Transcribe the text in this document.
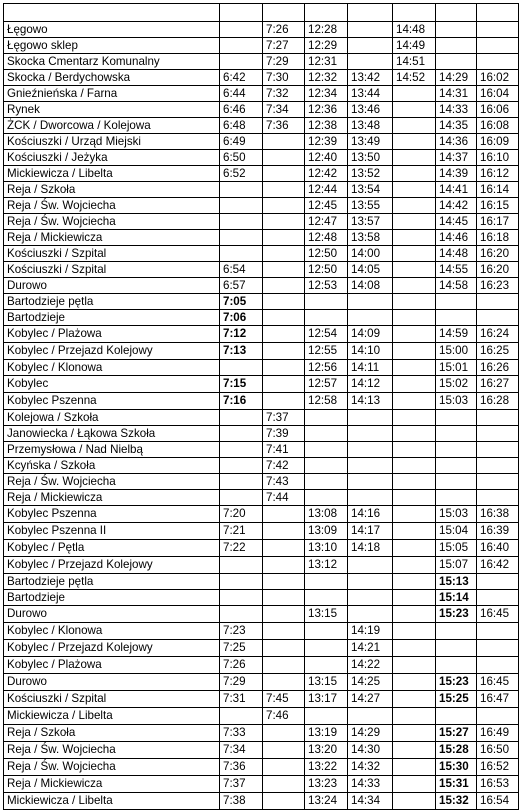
Łęgowo		7:26	12:28		14:48		
Łęgowo sklep		7:27	12:29		14:49		
Skocka Cmentarz Komunalny		7:29	12:31		14:51		
Skocka / Berdychowska	6:42	7:30	12:32	13:42	14:52	14:29	16:02
Gnieźnieńska / Farna	6:44	7:32	12:34	13:44		14:31	16:04
Rynek	6:46	7:34	12:36	13:46		14:33	16:06
ŻCK / Dworcowa / Kolejowa	6:48	7:36	12:38	13:48		14:35	16:08
Kościuszki / Urząd Miejski	6:49		12:39	13:49		14:36	16:09
Kościuszki / Jeżyka	6:50		12:40	13:50		14:37	16:10
Mickiewicza / Libelta	6:52		12:42	13:52		14:39	16:12
Reja / Szkoła			12:44	13:54		14:41	16:14
Reja / Św. Wojciecha			12:45	13:55		14:42	16:15
Reja / Św. Wojciecha			12:47	13:57		14:45	16:17
Reja / Mickiewicza			12:48	13:58		14:46	16:18
Kościuszki / Szpital			12:50	14:00		14:48	16:20
Kościuszki / Szpital	6:54		12:50	14:05		14:55	16:20
Durowo	6:57		12:53	14:08		14:58	16:23
Bartodzieje pętla	7:05						
Bartodzieje	7:06						
Kobylec / Plażowa	7:12		12:54	14:09		14:59	16:24
Kobylec / Przejazd Kolejowy	7:13		12:55	14:10		15:00	16:25
Kobylec / Klonowa			12:56	14:11		15:01	16:26
Kobylec	7:15		12:57	14:12		15:02	16:27
Kobylec Pszenna	7:16		12:58	14:13		15:03	16:28
Kolejowa / Szkoła		7:37					
Janowiecka / Łąkowa Szkoła		7:39					
Przemysłowa / Nad Nielbą		7:41					
Kcyńska / Szkoła		7:42					
Reja / Św. Wojciecha		7:43					
Reja / Mickiewicza		7:44					
Kobylec Pszenna	7:20		13:08	14:16		15:03	16:38
Kobylec Pszenna II	7:21		13:09	14:17		15:04	16:39
Kobylec / Pętla	7:22		13:10	14:18		15:05	16:40
Kobylec / Przejazd Kolejowy			13:12			15:07	16:42
Bartodzieje pętla						15:13	
Bartodzieje						15:14	
Durowo			13:15			15:23	16:45
Kobylec / Klonowa	7:23			14:19			
Kobylec / Przejazd Kolejowy	7:25			14:21			
Kobylec / Plażowa	7:26			14:22			
Durowo	7:29		13:15	14:25		15:23	16:45
Kościuszki / Szpital	7:31	7:45	13:17	14:27		15:25	16:47
Mickiewicza / Libelta		7:46					
Reja / Szkoła	7:33		13:19	14:29		15:27	16:49
Reja / Św. Wojciecha	7:34		13:20	14:30		15:28	16:50
Reja / Św. Wojciecha	7:36		13:22	14:32		15:30	16:52
Reja / Mickiewicza	7:37		13:23	14:33		15:31	16:53
Mickiewicza / Libelta	7:38		13:24	14:34		15:32	16:54
